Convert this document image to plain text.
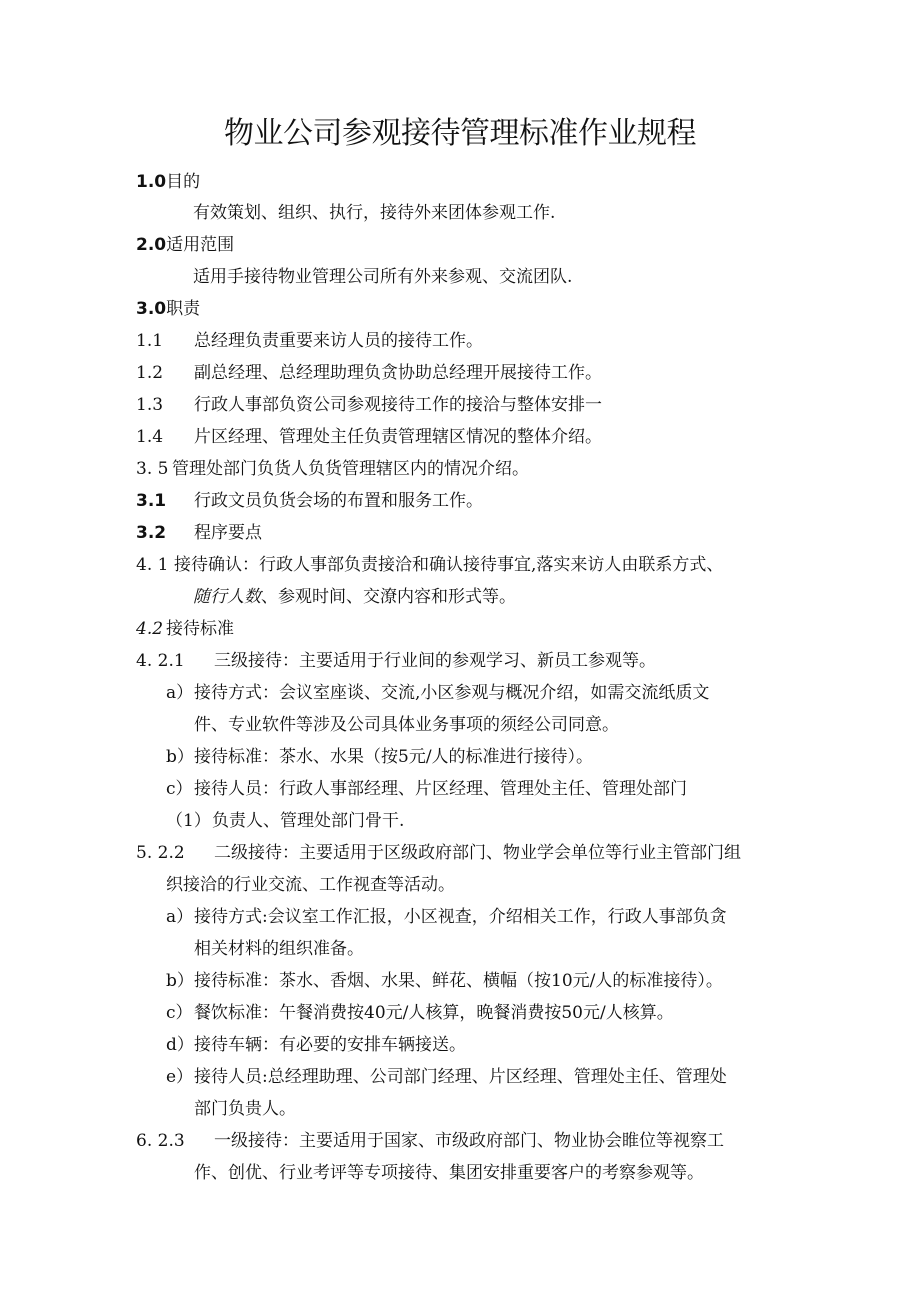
物业公司参观接待管理标准作业规程
1.0目的
有效策划、组织、执行，接待外来团体参观工作.
2.0适用范围
适用手接待物业管理公司所有外来参观、交流团队.
3.0职责
1.1 总经理负责重要来访人员的接待工作。
1.2 副总经理、总经理助理负贪协助总经理开展接待工作。
1.3 行政人事部负资公司参观接待工作的接洽与整体安排一
1.4 片区经理、管理处主任负责管理辖区情况的整体介绍。
3. 5 管理处部门负货人负货管理辖区内的情况介绍。
3.1 行政文员负货会场的布置和服务工作。
3.2 程序要点
4. 1 接待确认：行政人事部负责接洽和确认接待事宜,落实来访人由联系方式、
随行人数、参观时间、交潦内容和形式等。
4.2 接待标准
4. 2.1 三级接待：主要适用于行业间的参观学习、新员工参观等。
a）接待方式：会议室座谈、交流,小区参观与概况介绍，如需交流纸质文
件、专业软件等涉及公司具体业务事项的须经公司同意。
b）接待标准：茶水、水果（按5元/人的标准进行接待）。
c）接待人员：行政人事部经理、片区经理、管理处主任、管理处部门
（1）负责人、管理处部门骨干.
5. 2.2 二级接待：主要适用于区级政府部门、物业学会单位等行业主管部门组
织接洽的行业交流、工作视查等活动。
a）接待方式:会议室工作汇报，小区视查，介绍相关工作，行政人事部负贪
相关材料的组织准备。
b）接待标准：茶水、香烟、水果、鲜花、横幅（按10元/人的标准接待）。
c）餐饮标准：午餐消费按40元/人核算，晚餐消费按50元/人核算。
d）接待车辆：有必要的安排车辆接送。
e）接待人员:总经理助理、公司部门经理、片区经理、管理处主任、管理处
部门负贵人。
6. 2.3 一级接待：主要适用于国家、市级政府部门、物业协会睢位等视察工
作、创优、行业考评等专项接待、集团安排重要客户的考察参观等。
